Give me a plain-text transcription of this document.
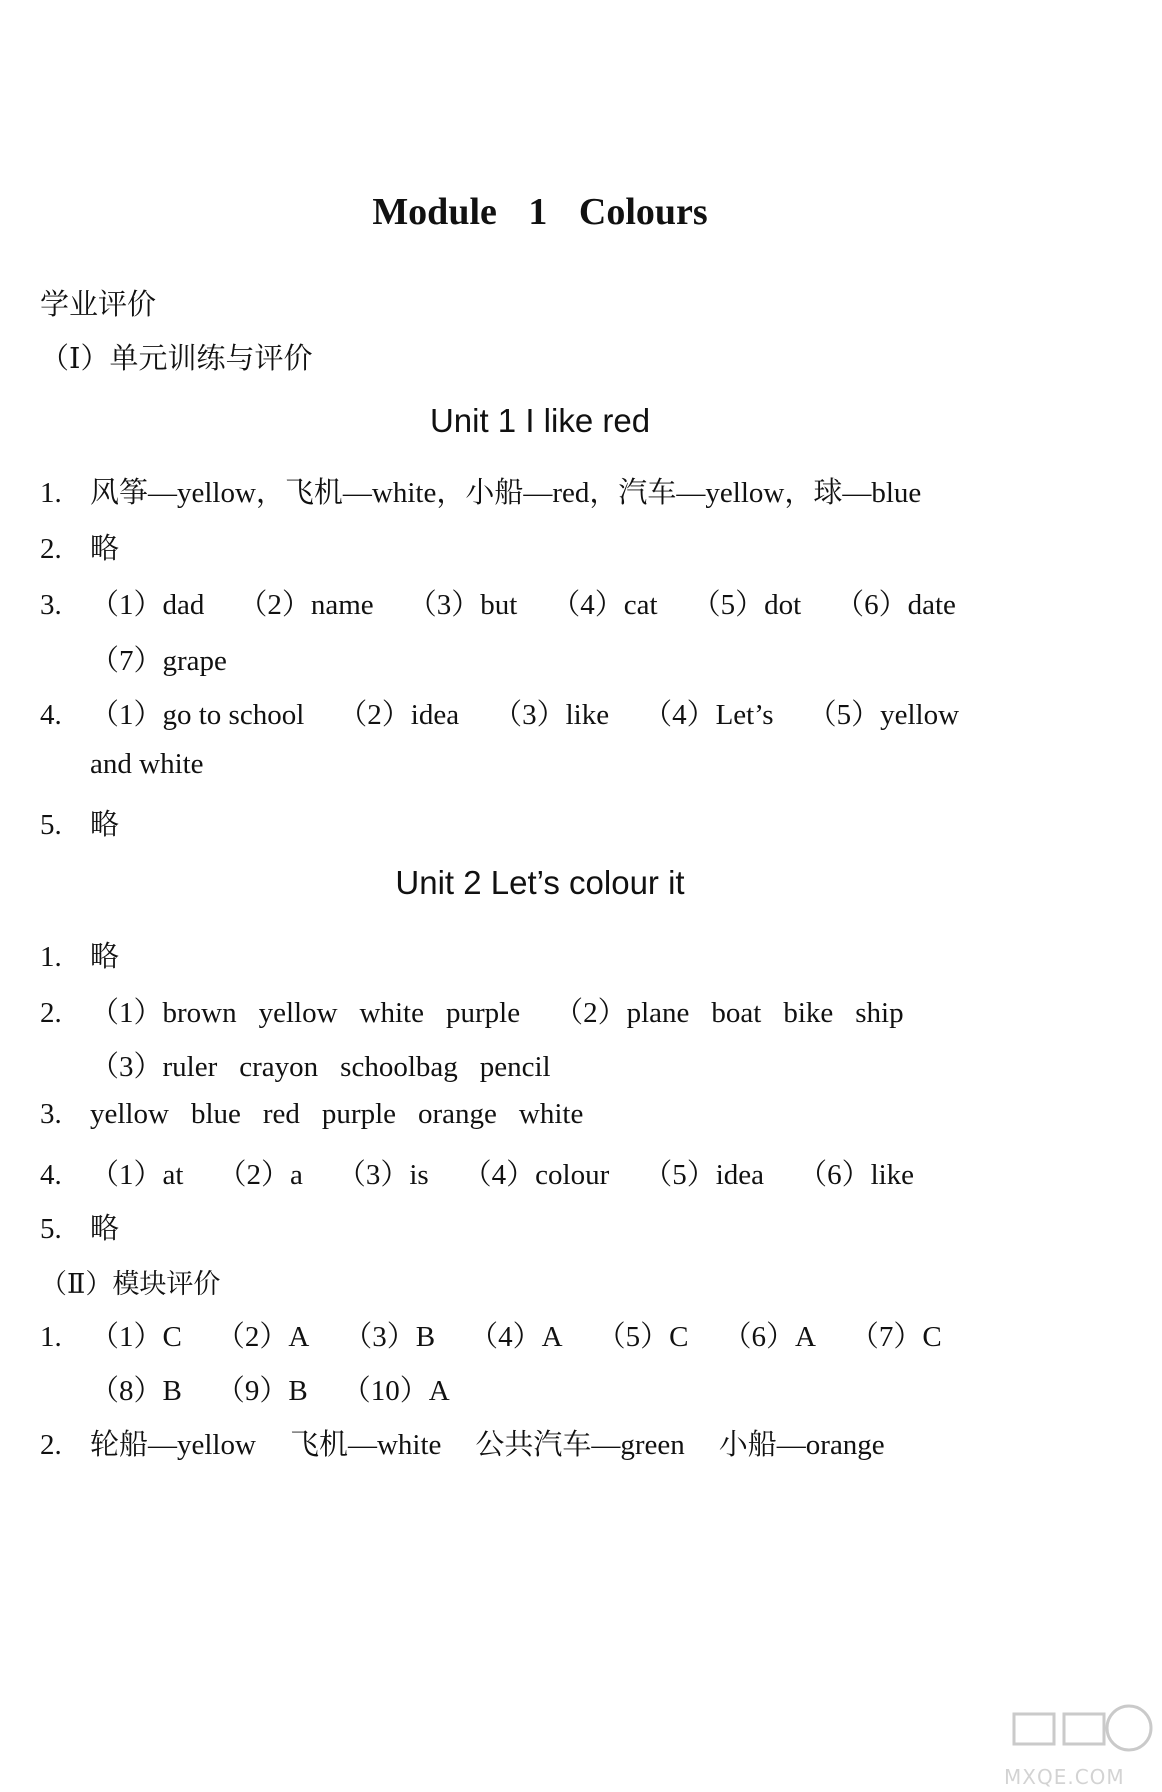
Module 1 Colours
学业评价
（Ⅰ）单元训练与评价
Unit 1 I like red
1. 风筝—yellow，飞机—white，小船—red，汽车—yellow，球—blue
2. 略
3. （1）dad （2）name （3）but （4）cat （5）dot （6）date
（7）grape
4. （1）go to school （2）idea （3）like （4）Let’s （5）yellow
and white
5. 略
Unit 2 Let’s colour it
1. 略
2. （1）brown yellow white purple （2）plane boat bike ship
（3）ruler crayon schoolbag pencil
3. yellow blue red purple orange white
4. （1）at （2）a （3）is （4）colour （5）idea （6）like
5. 略
（Ⅱ）模块评价
1. （1）C （2）A （3）B （4）A （5）C （6）A （7）C
（8）B （9）B （10）A
2. 轮船—yellow 飞机—white 公共汽车—green 小船—orange
MXQE.COM
